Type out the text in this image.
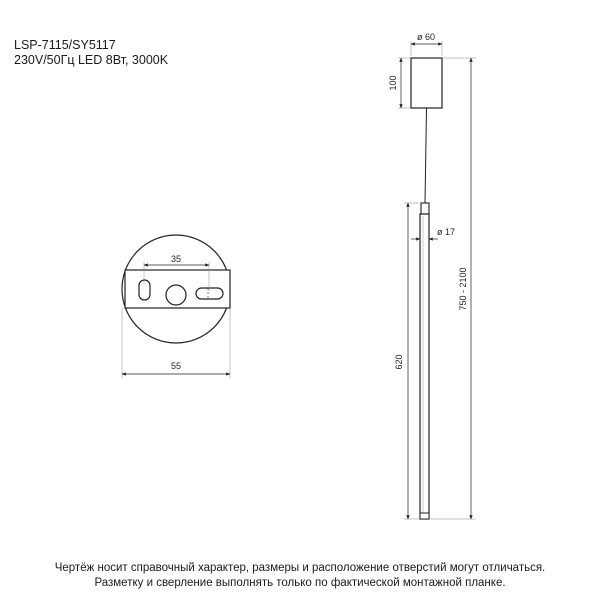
LSP-7115/SY5117
230V/50Гц LED 8Вт, 3000K
35
55
ø 60
100
ø 17
620
750 - 2100
Чертёж носит справочный характер, размеры и расположение отверстий могут отличаться.
Разметку и сверление выполнять только по фактической монтажной планке.
